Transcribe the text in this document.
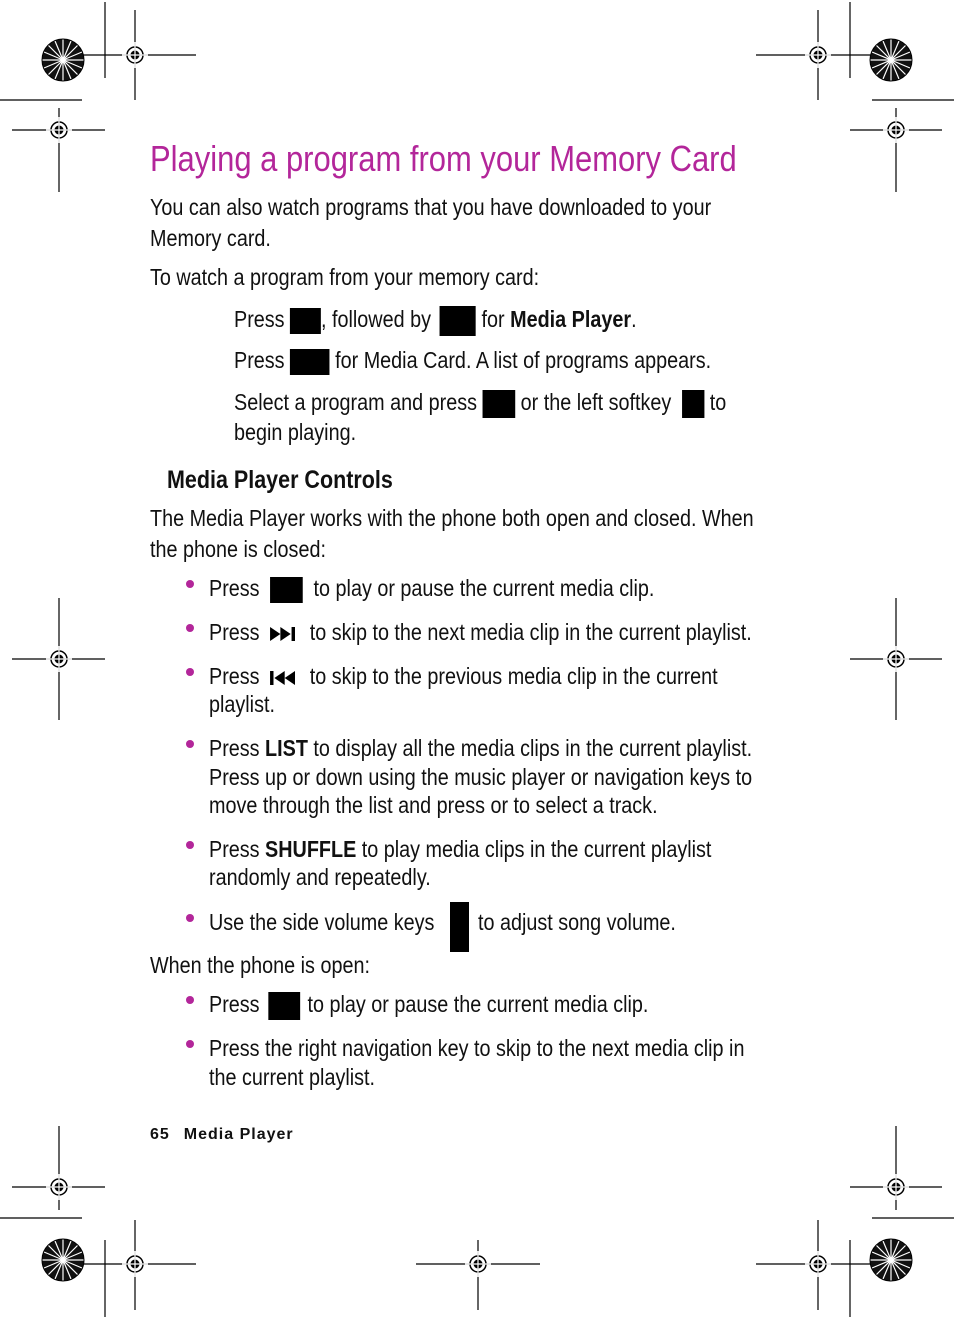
Playing a program from your Memory Card

You can also watch programs that you have downloaded to your

Memory card.

To watch a program from your memory card:

Press , followed by for Media Player.
Press for Media Card. A list of programs appears.
Select a program and press or the left softkey to

begin playing.

Media Player Controls

The Media Player works with the phone both open and closed. When

the phone is closed:

Press to play or pause the current media clip.
Press to skip to the next media clip in the current playlist.
Press to skip to the previous media clip in the current

playlist.

Press LIST to display all the media clips in the current playlist.

Press up or down using the music player or navigation keys to

move through the list and press or to select a track.

Press SHUFFLE to play media clips in the current playlist

randomly and repeatedly.

Use the side volume keys to adjust song volume.

When the phone is open:

Press to play or pause the current media clip.

Press the right navigation key to skip to the next media clip in

the current playlist.

65 Media Player
